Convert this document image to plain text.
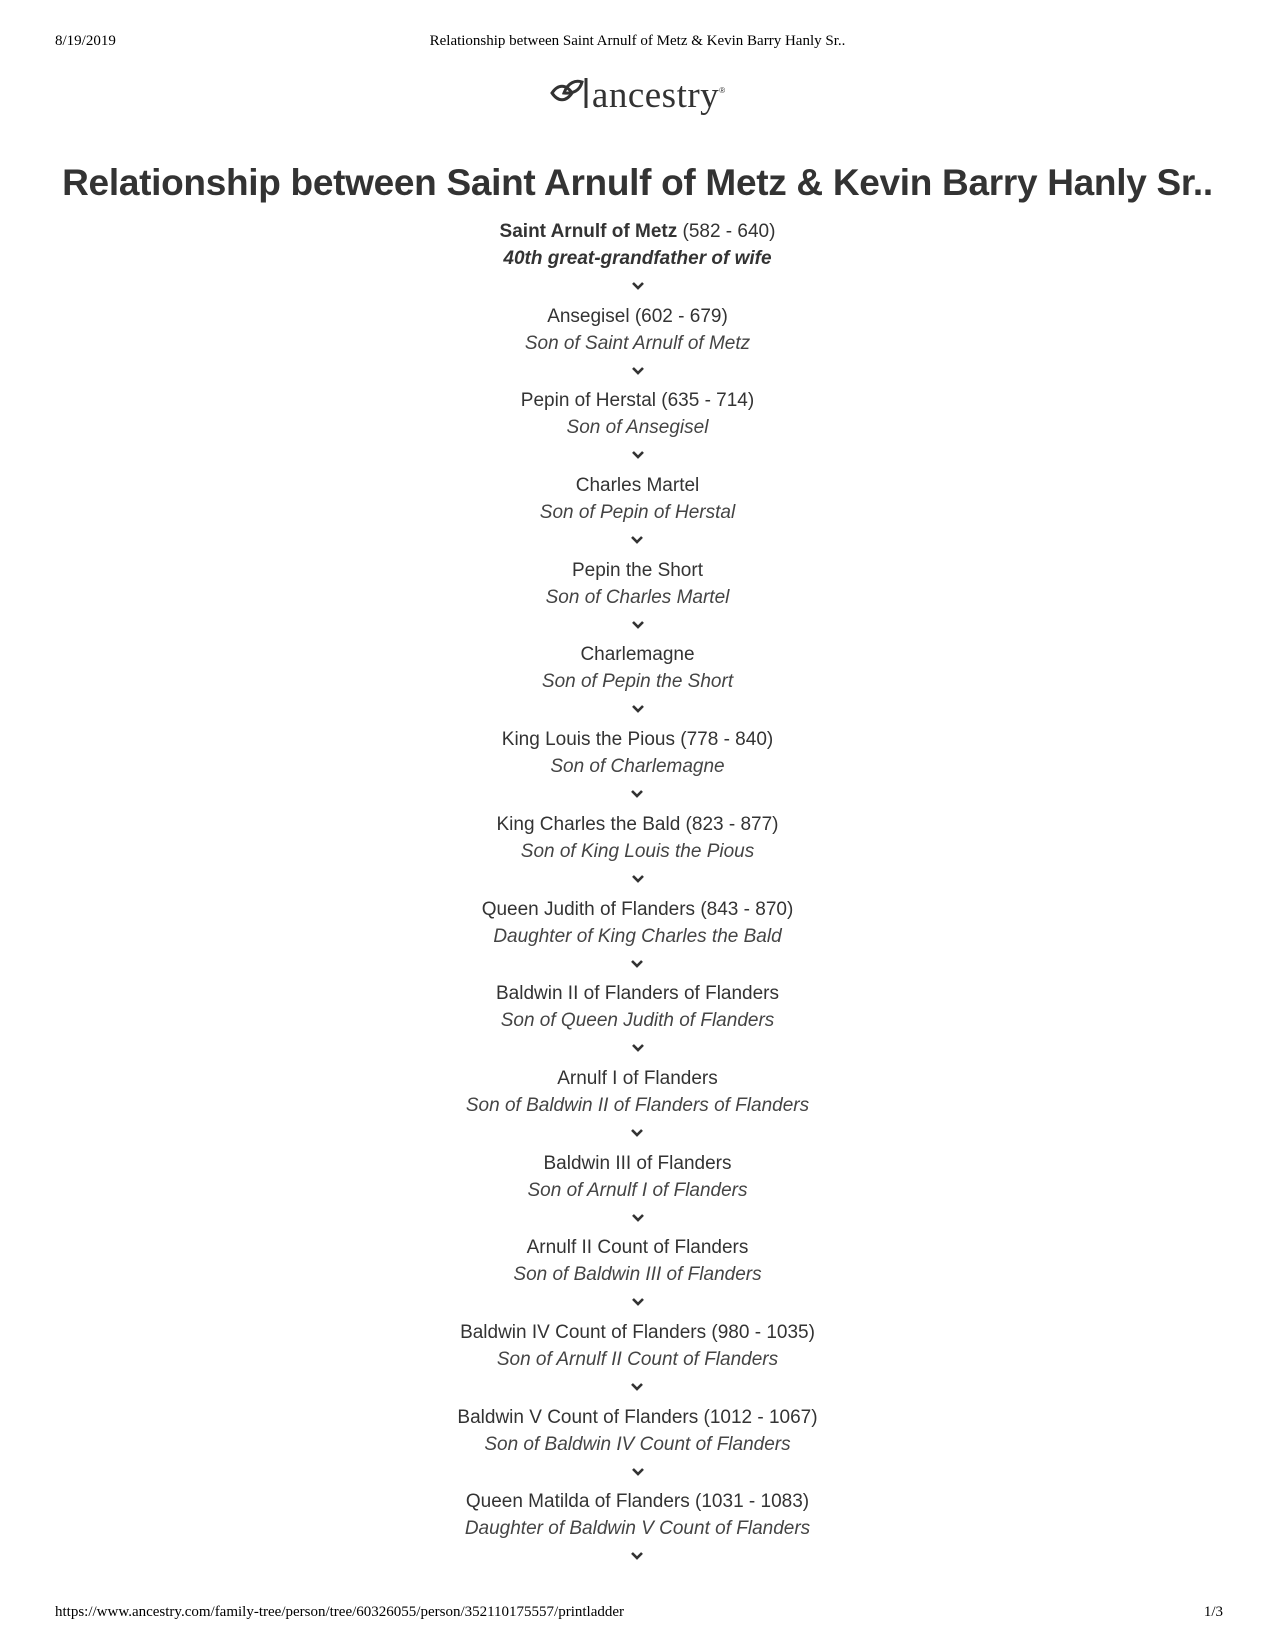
8/19/2019	Relationship between Saint Arnulf of Metz & Kevin Barry Hanly Sr..
ancestry ®
Relationship between Saint Arnulf of Metz & Kevin Barry Hanly Sr..
Saint Arnulf of Metz (582 - 640)
40th great-grandfather of wife
Ansegisel (602 - 679)
Son of Saint Arnulf of Metz
Pepin of Herstal (635 - 714)
Son of Ansegisel
Charles Martel
Son of Pepin of Herstal
Pepin the Short
Son of Charles Martel
Charlemagne
Son of Pepin the Short
King Louis the Pious (778 - 840)
Son of Charlemagne
King Charles the Bald (823 - 877)
Son of King Louis the Pious
Queen Judith of Flanders (843 - 870)
Daughter of King Charles the Bald
Baldwin II of Flanders of Flanders
Son of Queen Judith of Flanders
Arnulf I of Flanders
Son of Baldwin II of Flanders of Flanders
Baldwin III of Flanders
Son of Arnulf I of Flanders
Arnulf II Count of Flanders
Son of Baldwin III of Flanders
Baldwin IV Count of Flanders (980 - 1035)
Son of Arnulf II Count of Flanders
Baldwin V Count of Flanders (1012 - 1067)
Son of Baldwin IV Count of Flanders
Queen Matilda of Flanders (1031 - 1083)
Daughter of Baldwin V Count of Flanders
https://www.ancestry.com/family-tree/person/tree/60326055/person/352110175557/printladder	1/3
